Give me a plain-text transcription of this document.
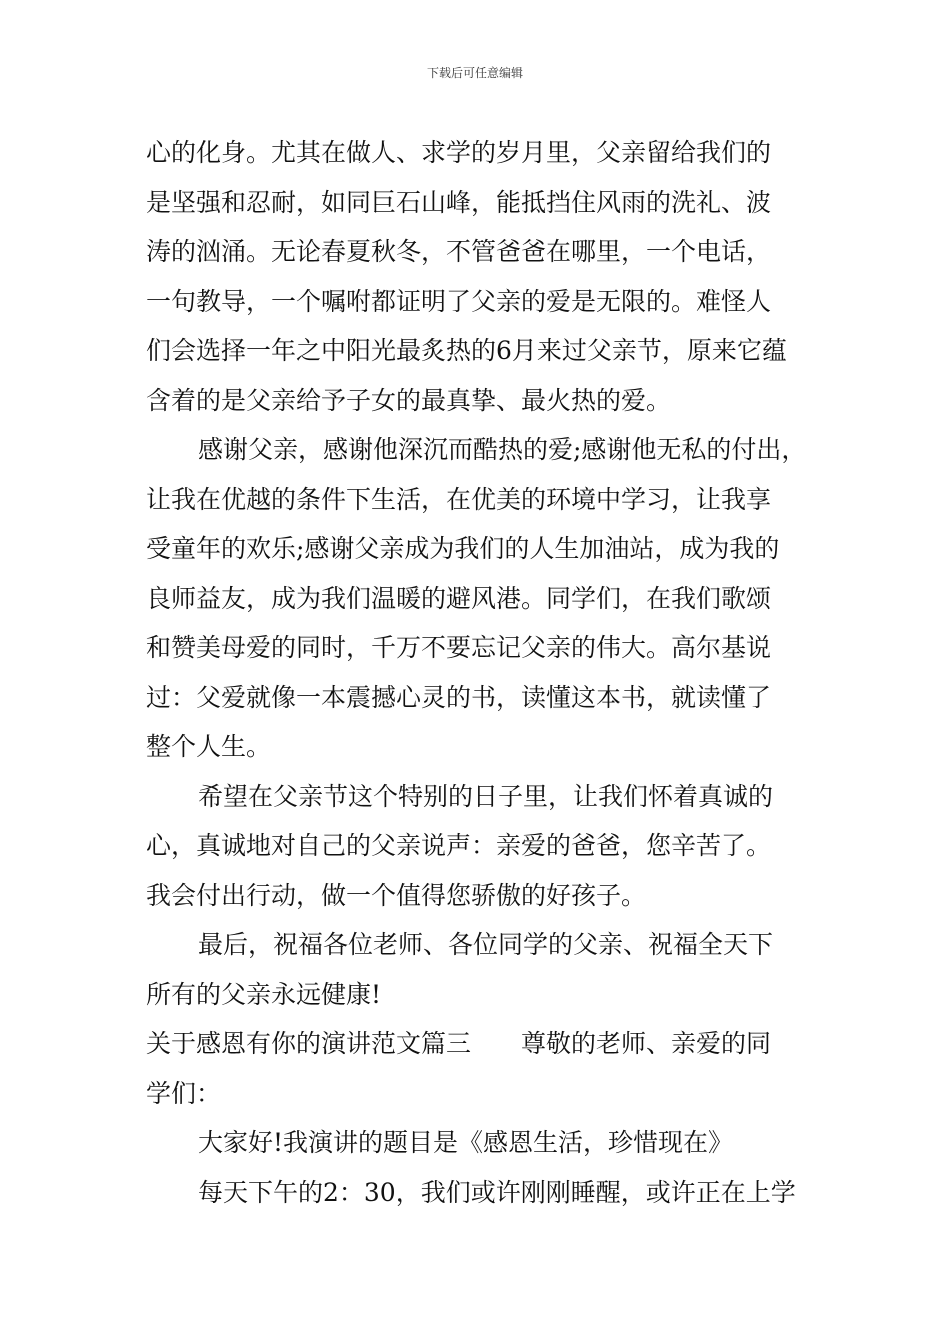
下载后可任意编辑
心的化身。尤其在做人、求学的岁月里，父亲留给我们的
是坚强和忍耐，如同巨石山峰，能抵挡住风雨的洗礼、波
涛的汹涌。无论春夏秋冬，不管爸爸在哪里，一个电话，
一句教导，一个嘱咐都证明了父亲的爱是无限的。难怪人
们会选择一年之中阳光最炙热的6月来过父亲节，原来它蕴
含着的是父亲给予子女的最真挚、最火热的爱。
感谢父亲，感谢他深沉而酷热的爱;感谢他无私的付出，
让我在优越的条件下生活，在优美的环境中学习，让我享
受童年的欢乐;感谢父亲成为我们的人生加油站，成为我的
良师益友，成为我们温暖的避风港。同学们，在我们歌颂
和赞美母爱的同时，千万不要忘记父亲的伟大。高尔基说
过：父爱就像一本震撼心灵的书，读懂这本书，就读懂了
整个人生。
希望在父亲节这个特别的日子里，让我们怀着真诚的
心，真诚地对自己的父亲说声：亲爱的爸爸，您辛苦了。
我会付出行动，做一个值得您骄傲的好孩子。
最后，祝福各位老师、各位同学的父亲、祝福全天下
所有的父亲永远健康!
关于感恩有你的演讲范文篇三　　尊敬的老师、亲爱的同
学们：
大家好!我演讲的题目是《感恩生活，珍惜现在》
每天下午的2：30，我们或许刚刚睡醒，或许正在上学
